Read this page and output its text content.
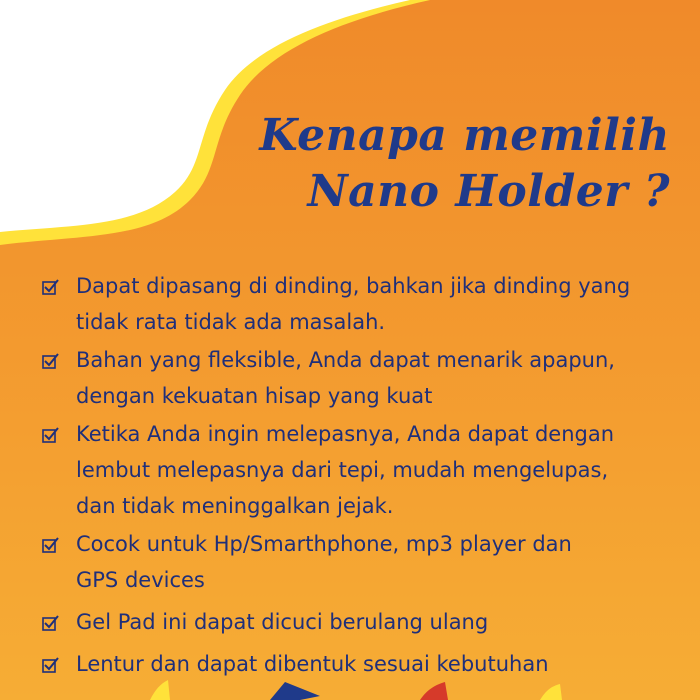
Kenapa memilih
Nano Holder ?
Dapat dipasang di dinding, bahkan jika dinding yang
tidak rata tidak ada masalah.
Bahan yang fleksible, Anda dapat menarik apapun,
dengan kekuatan hisap yang kuat
Ketika Anda ingin melepasnya, Anda dapat dengan
lembut melepasnya dari tepi, mudah mengelupas,
dan tidak meninggalkan jejak.
Cocok untuk Hp/Smarthphone, mp3 player dan
GPS devices
Gel Pad ini dapat dicuci berulang ulang
Lentur dan dapat dibentuk sesuai kebutuhan
